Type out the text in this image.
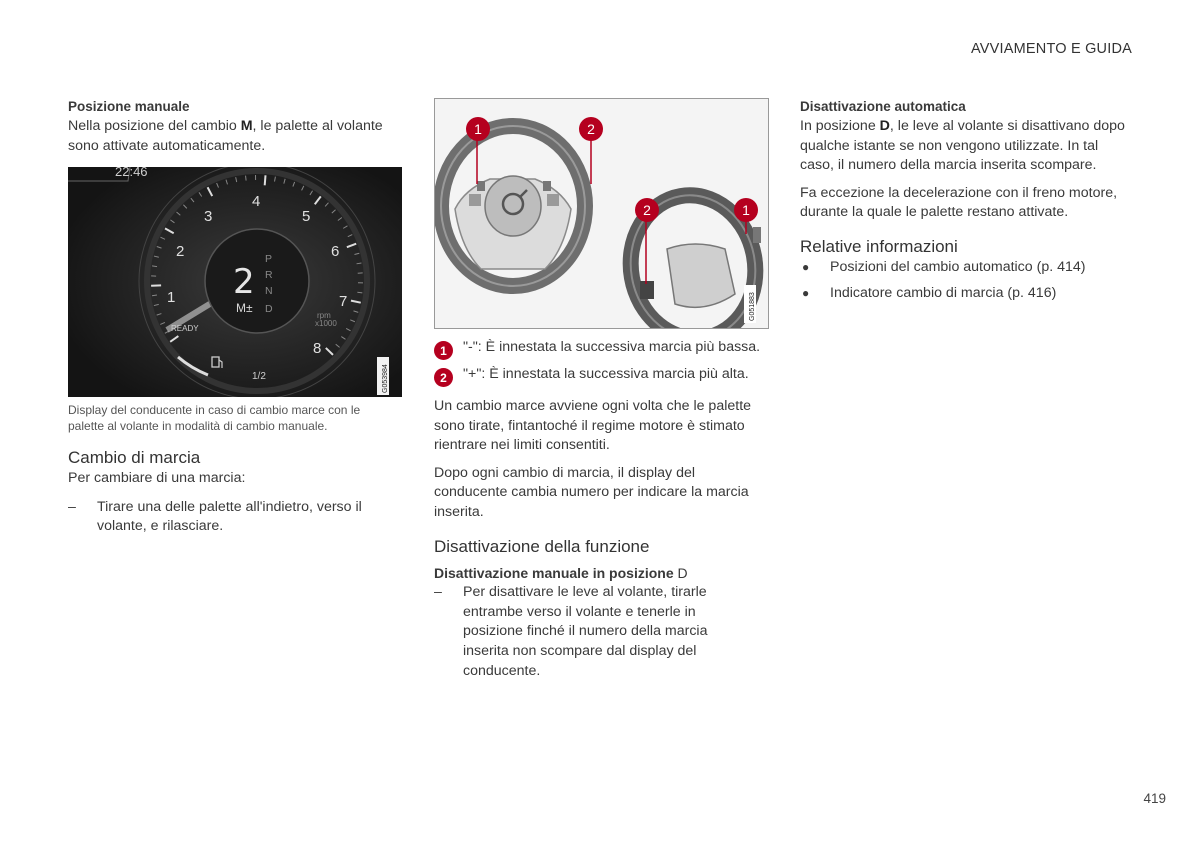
AVVIAMENTO E GUIDA
419

Posizione manuale

Nella posizione del cambio M, le palette al volante sono attivate automaticamente.

22:46
2
M±
P
R
N
D
1
2
3
4
5
6
7
8
rpm
x1000
READY
1/2	G053984

Display del conducente in caso di cambio marce con le palette al volante in modalità di cambio manuale.

Cambio di marcia

Per cambiare di una marcia:

–	Tirare una delle palette all'indietro, verso il volante, e rilasciare.
1	2
2	1
G051883
1	"-": È innestata la successiva marcia più bassa.
2	"+": È innestata la successiva marcia più alta.

Un cambio marce avviene ogni volta che le palette sono tirate, fintantoché il regime motore è stimato rientrare nei limiti consentiti.

Dopo ogni cambio di marcia, il display del conducente cambia numero per indicare la marcia inserita.

Disattivazione della funzione

Disattivazione manuale in posizione D

–	Per disattivare le leve al volante, tirarle entrambe verso il volante e tenerle in posizione finché il numero della marcia inserita non scompare dal display del conducente.

Disattivazione automatica

In posizione D, le leve al volante si disattivano dopo qualche istante se non vengono utilizzate. In tal caso, il numero della marcia inserita scompare.

Fa eccezione la decelerazione con il freno motore, durante la quale le palette restano attivate.

Relative informazioni

●	Posizioni del cambio automatico (p. 414)
●	Indicatore cambio di marcia (p. 416)
